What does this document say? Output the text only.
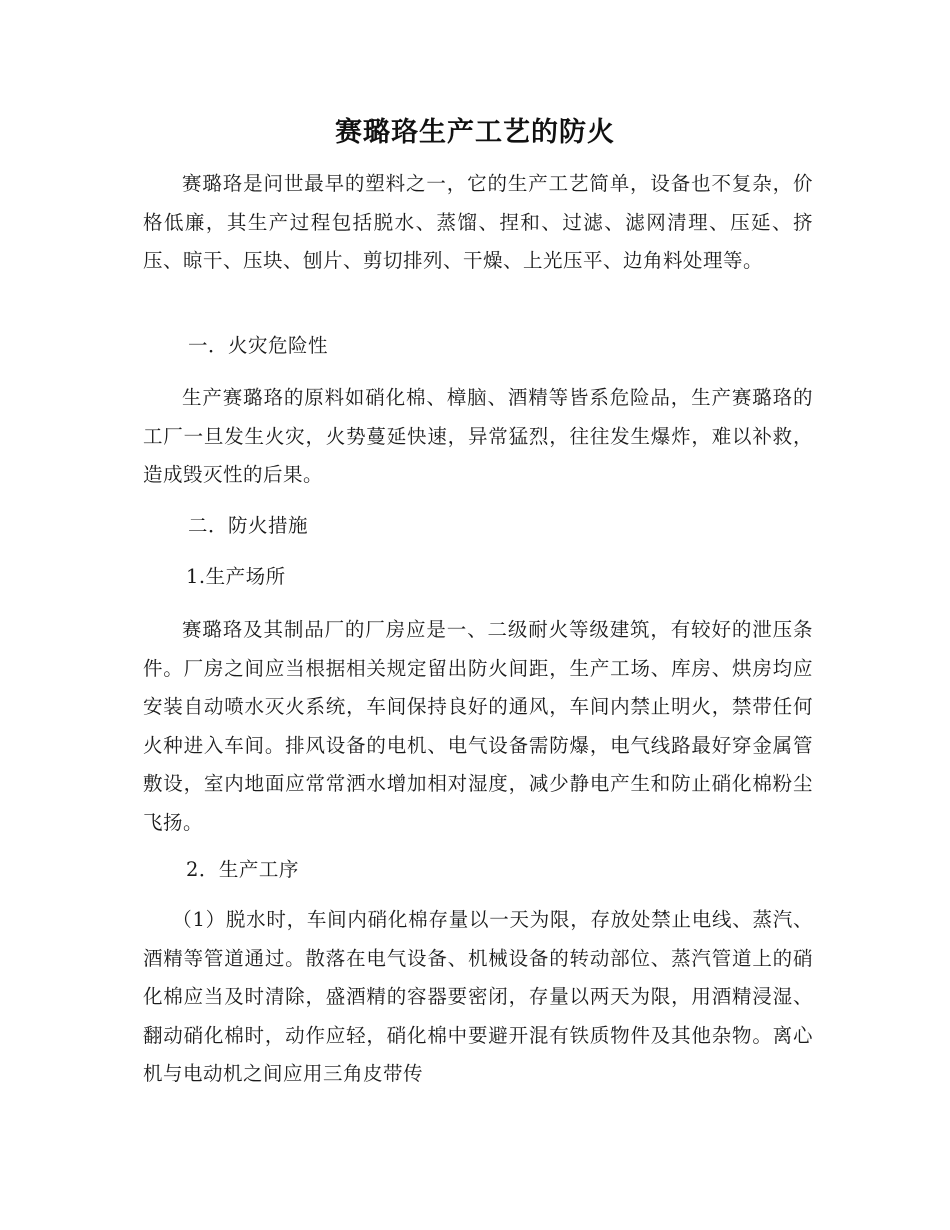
赛璐珞生产工艺的防火
赛璐珞是问世最早的塑料之一，它的生产工艺简单，设备也不复杂，价格低廉，其生产过程包括脱水、蒸馏、捏和、过滤、滤网清理、压延、挤压、晾干、压块、刨片、剪切排列、干燥、上光压平、边角料处理等。
一．火灾危险性
生产赛璐珞的原料如硝化棉、樟脑、酒精等皆系危险品，生产赛璐珞的工厂一旦发生火灾，火势蔓延快速，异常猛烈，往往发生爆炸，难以补救，造成毁灭性的后果。
二．防火措施
1.生产场所
赛璐珞及其制品厂的厂房应是一、二级耐火等级建筑，有较好的泄压条件。厂房之间应当根据相关规定留出防火间距，生产工场、库房、烘房均应安装自动喷水灭火系统，车间保持良好的通风，车间内禁止明火，禁带任何火种进入车间。排风设备的电机、电气设备需防爆，电气线路最好穿金属管敷设，室内地面应常常洒水增加相对湿度，减少静电产生和防止硝化棉粉尘飞扬。
2．生产工序
（1）脱水时，车间内硝化棉存量以一天为限，存放处禁止电线、蒸汽、酒精等管道通过。散落在电气设备、机械设备的转动部位、蒸汽管道上的硝化棉应当及时清除，盛酒精的容器要密闭，存量以两天为限，用酒精浸湿、翻动硝化棉时，动作应轻，硝化棉中要避开混有铁质物件及其他杂物。离心机与电动机之间应用三角皮带传
